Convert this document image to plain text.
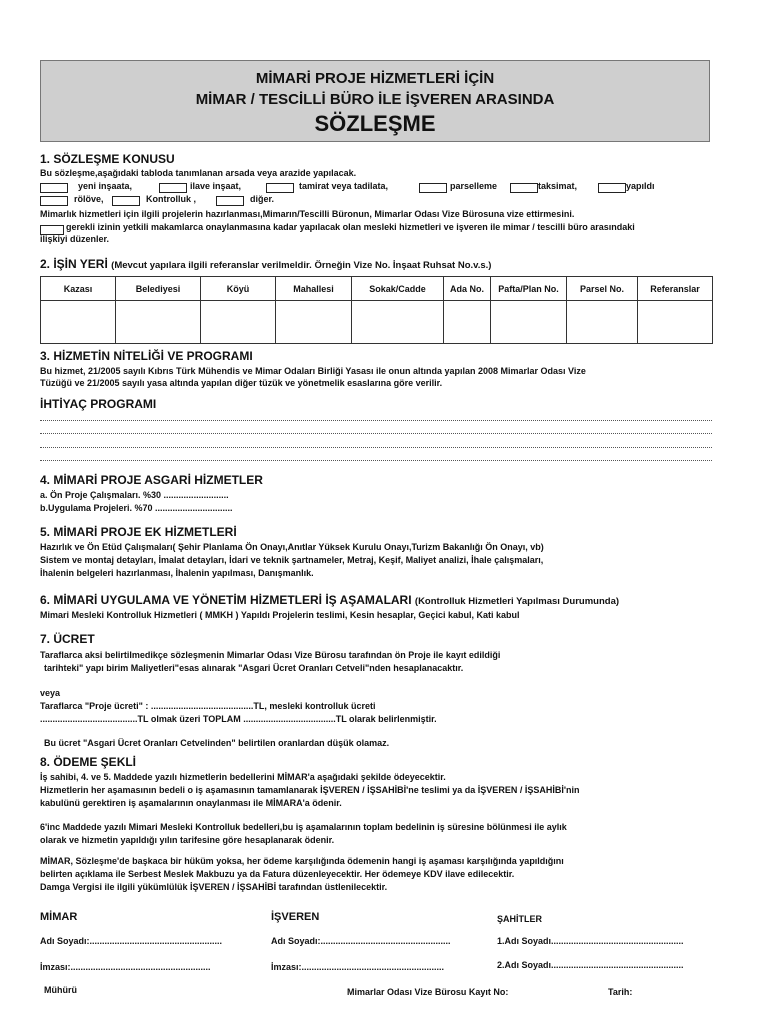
MİMARİ PROJE HİZMETLERİ İÇİN
MİMAR / TESCİLLİ BÜRO İLE İŞVEREN ARASINDA
SÖZLEŞME
1. SÖZLEŞME KONUSU
Bu sözleşme,aşağıdaki tabloda tanımlanan arsada veya arazide yapılacak.
yeni inşaata,	ilave inşaat,	tamirat veya tadilata,	parselleme	taksimat,	yapıldı
rölöve,	Kontrolluk ,	diğer.
Mimarlık hizmetleri için ilgili projelerin hazırlanması,Mimarın/Tescilli Büronun, Mimarlar Odası Vize Bürosuna vize ettirmesini.
gerekli izinin yetkili makamlarca onaylanmasına kadar yapılacak olan mesleki hizmetleri ve işveren ile mimar / tescilli büro arasındaki
ilişkiyi düzenler.
2. İŞİN YERİ (Mevcut yapılara ilgili referanslar verilmeldir. Örneğin Vize No. İnşaat Ruhsat No.v.s.)
Kazası	Belediyesi	Köyü	Mahallesi	Sokak/Cadde	Ada No.	Pafta/Plan No.	Parsel No.	Referanslar

3. HİZMETİN NİTELİĞİ VE PROGRAMI
Bu hizmet, 21/2005 sayılı Kıbrıs Türk Mühendis ve Mimar Odaları Birliği Yasası ile onun altında yapılan 2008 Mimarlar Odası Vize
Tüzüğü ve 21/2005 sayılı yasa altında yapılan diğer tüzük ve yönetmelik esaslarına göre verilir.
İHTİYAÇ PROGRAMI
4. MİMARİ PROJE ASGARİ HİZMETLER
a. Ön Proje Çalışmaları. %30 ..........................
b.Uygulama Projeleri. %70 ...............................
5. MİMARİ PROJE EK HİZMETLERİ
Hazırlık ve Ön Etüd Çalışmaları( Şehir Planlama Ön Onayı,Anıtlar Yüksek Kurulu Onayı,Turizm Bakanlığı Ön Onayı, vb)
Sistem ve montaj detayları, İmalat detayları, İdari ve teknik şartnameler, Metraj, Keşif, Maliyet analizi, İhale çalışmaları,
İhalenin belgeleri hazırlanması, İhalenin yapılması, Danışmanlık.
6. MİMARİ UYGULAMA VE YÖNETİM HİZMETLERİ İŞ AŞAMALARI (Kontrolluk Hizmetleri Yapılması Durumunda)
Mimari Mesleki Kontrolluk Hizmetleri ( MMKH ) Yapıldı Projelerin teslimi, Kesin hesaplar, Geçici kabul, Kati kabul
7. ÜCRET
Taraflarca aksi belirtilmedikçe sözleşmenin Mimarlar Odası Vize Bürosu tarafından ön Proje ile kayıt edildiği
tarihteki" yapı birim Maliyetleri"esas alınarak "Asgari Ücret Oranları Cetveli"nden hesaplanacaktır.
veya
Taraflarca "Proje ücreti" : .........................................TL, mesleki kontrolluk ücreti
.......................................TL olmak üzeri TOPLAM .....................................TL olarak belirlenmiştir.
Bu ücret "Asgari Ücret Oranları Cetvelinden" belirtilen oranlardan düşük olamaz.
8. ÖDEME ŞEKLİ
İş sahibi, 4. ve 5. Maddede yazılı hizmetlerin bedellerini MİMAR'a aşağıdaki şekilde ödeyecektir.
Hizmetlerin her aşamasının bedeli o iş aşamasının tamamlanarak İŞVEREN / İŞSAHİBİ'ne teslimi ya da İŞVEREN / İŞSAHİBİ'nin
kabulünü gerektiren iş aşamalarının onaylanması ile MİMARA'a ödenir.
6'inc Maddede yazılı Mimari Mesleki Kontrolluk bedelleri,bu iş aşamalarının toplam bedelinin iş süresine bölünmesi ile aylık
olarak ve hizmetin yapıldığı yılın tarifesine göre hesaplanarak ödenir.
MİMAR, Sözleşme'de başkaca bir hüküm yoksa, her ödeme karşılığında ödemenin hangi iş aşaması karşılığında yapıldığını
belirten açıklama ile Serbest Meslek Makbuzu ya da Fatura düzenleyecektir. Her ödemeye KDV ilave edilecektir.
Damga Vergisi ile ilgili yükümlülük İŞVEREN / İŞSAHİBİ tarafından üstlenilecektir.
MİMAR	İŞVEREN	ŞAHİTLER
Adı Soyadı:.....................................................	Adı Soyadı:....................................................	1.Adı Soyadı.....................................................
İmzası:........................................................	İmzası:.........................................................	2.Adı Soyadı.....................................................
Mühürü	Mimarlar Odası Vize Bürosu Kayıt No:	Tarih:
